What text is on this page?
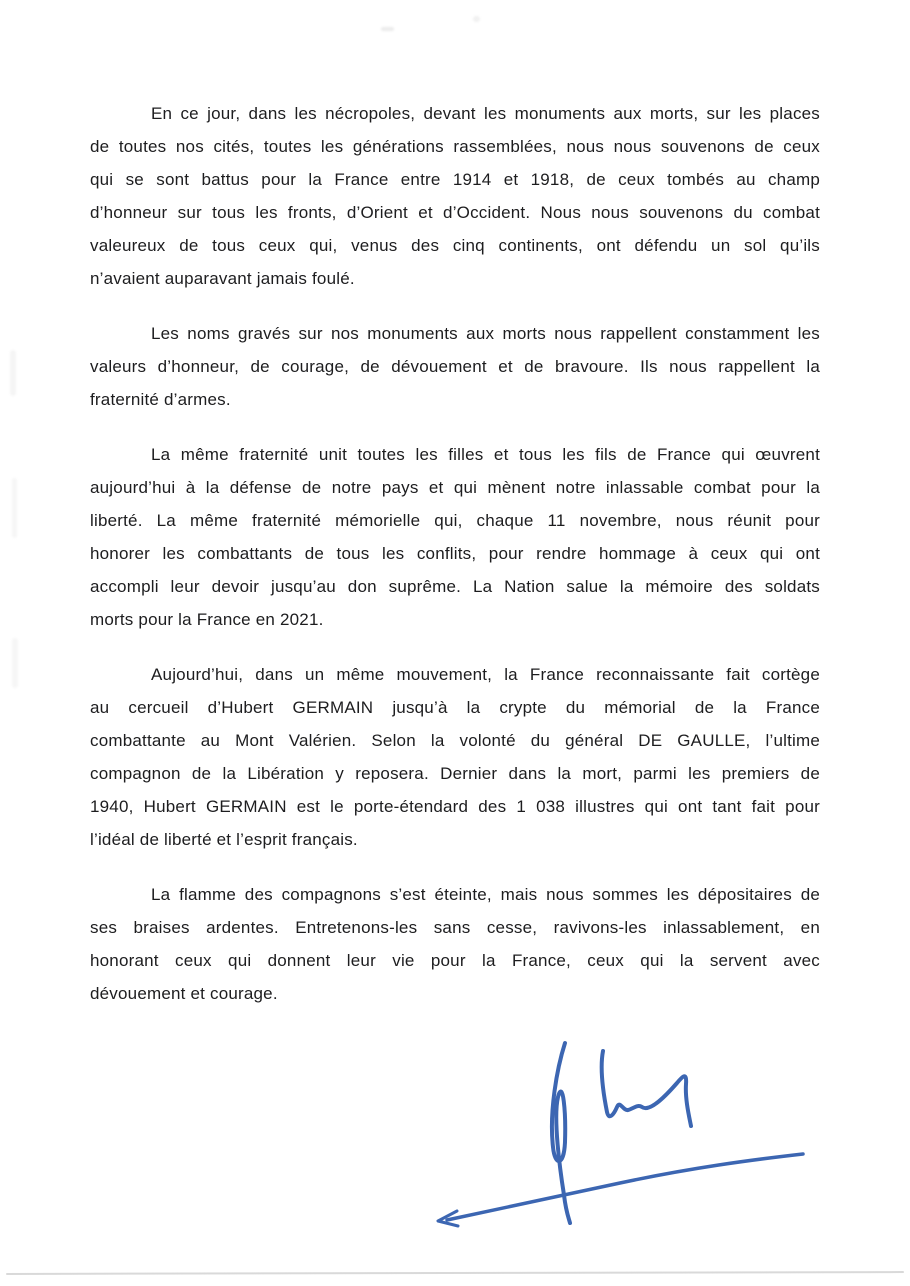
En ce jour, dans les nécropoles, devant les monuments aux morts, sur les places
de toutes nos cités, toutes les générations rassemblées, nous nous souvenons de ceux
qui se sont battus pour la France entre 1914 et 1918, de ceux tombés au champ
d’honneur sur tous les fronts, d’Orient et d’Occident. Nous nous souvenons du combat
valeureux de tous ceux qui, venus des cinq continents, ont défendu un sol qu’ils
n’avaient auparavant jamais foulé.
Les noms gravés sur nos monuments aux morts nous rappellent constamment les
valeurs d’honneur, de courage, de dévouement et de bravoure. Ils nous rappellent la
fraternité d’armes.
La même fraternité unit toutes les filles et tous les fils de France qui œuvrent
aujourd’hui à la défense de notre pays et qui mènent notre inlassable combat pour la
liberté. La même fraternité mémorielle qui, chaque 11 novembre, nous réunit pour
honorer les combattants de tous les conflits, pour rendre hommage à ceux qui ont
accompli leur devoir jusqu’au don suprême. La Nation salue la mémoire des soldats
morts pour la France en 2021.
Aujourd’hui, dans un même mouvement, la France reconnaissante fait cortège
au cercueil d’Hubert GERMAIN jusqu’à la crypte du mémorial de la France
combattante au Mont Valérien. Selon la volonté du général DE GAULLE, l’ultime
compagnon de la Libération y reposera. Dernier dans la mort, parmi les premiers de
1940, Hubert GERMAIN est le porte-étendard des 1 038 illustres qui ont tant fait pour
l’idéal de liberté et l’esprit français.
La flamme des compagnons s’est éteinte, mais nous sommes les dépositaires de
ses braises ardentes. Entretenons-les sans cesse, ravivons-les inlassablement, en
honorant ceux qui donnent leur vie pour la France, ceux qui la servent avec
dévouement et courage.
